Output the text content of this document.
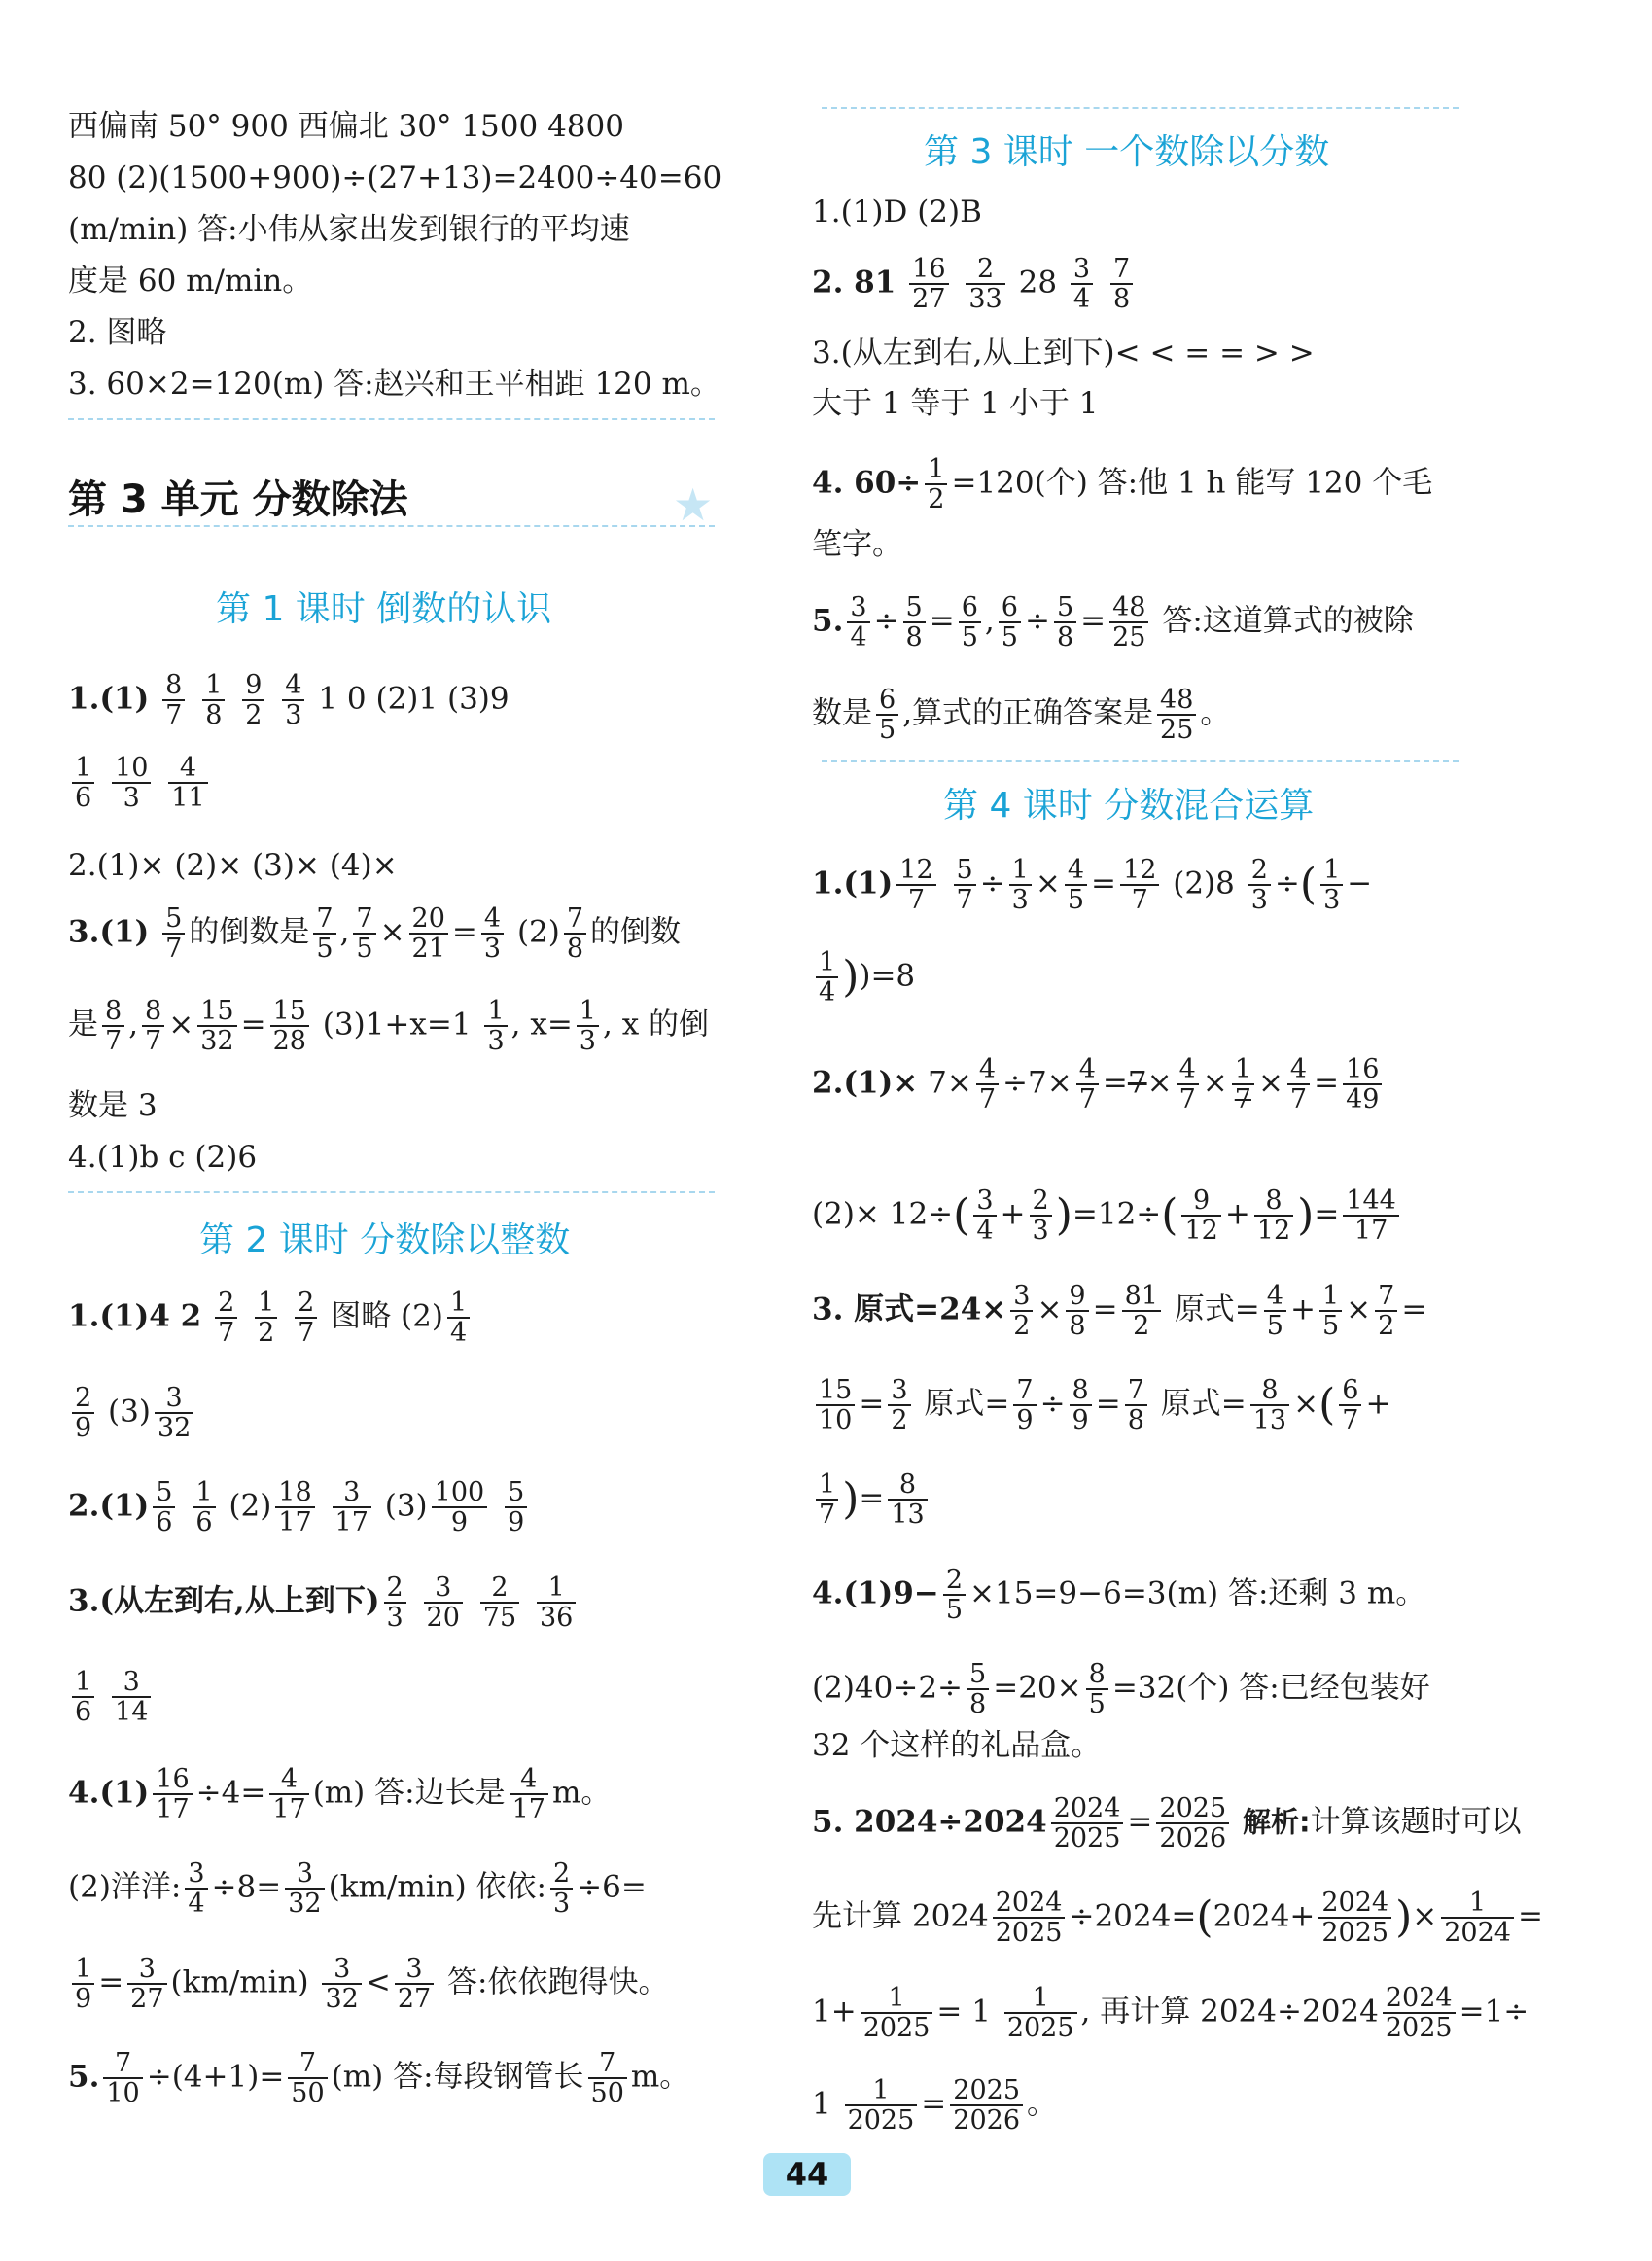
西偏南 50° 900 西偏北 30° 1500 4800
80 (2)(1500+900)÷(27+13)=2400÷40=60
(m/min) 答:小伟从家出发到银行的平均速
度是 60 m/min。
2. 图略
3. 60×2=120(m) 答:赵兴和王平相距 120 m。
第 3 单元 分数除法	★
第 1 课时 倒数的认识
$1.(1) \frac{8}{7}$
$\frac{1}{8}$
$\frac{9}{2}$
$\frac{4}{3} 1$ 0 (2)1 (3)9
$\frac{1}{6}$
$\frac{10}{3}$
$\frac{4}{11}$
2.(1)× (2)× (3)× (4)×
$3.(1) \frac{5}{7}$ 的倒数是 $\frac{7}{5}$ , $\frac{7}{5} \times \frac{20}{21} = \frac{4}{3} (2) \frac{7}{8}$ 的倒数
是 $\frac{8}{7}$ , $\frac{8}{7} \times \frac{15}{32} = \frac{15}{28} (3)1+x=1 \frac{1}{3}$ , $x= \frac{1}{3}$ , x 的倒
数是 3
4.(1)b c (2)6
第 2 课时 分数除以整数
1.(1)4 $2 \frac{2}{7}$
$\frac{1}{2}$
$\frac{2}{7}$ 图略 $(2) \frac{1}{4}$
$\frac{2}{9} (3) \frac{3}{32}$
$2.(1) \frac{5}{6}$
$\frac{1}{6} (2) \frac{18}{17}$
$\frac{3}{17} (3) \frac{100}{9}$
$\frac{5}{9}$
3.(从左到右,从上到下) $\frac{2}{3}$
$\frac{3}{20}$
$\frac{2}{75}$
$\frac{1}{36}$
$\frac{1}{6}$
$\frac{3}{14}$
$4.(1) \frac{16}{17} \div 4= \frac{4}{17} (m)$ 答:边长是 $\frac{4}{17}$ m。
(2)洋洋: $\frac{3}{4} \div 8= \frac{3}{32} (km/\min)$ 依依: $\frac{2}{3} \div 6=$
$\frac{1}{9} = \frac{3}{27} (km/\min) \frac{3}{32} < \frac{3}{27}$ 答:依依跑得快。
5. $\frac{7}{10} \div(4+1)= \frac{7}{50} (m)$ 答:每段钢管长 $\frac{7}{50}$ m。
第 3 课时 一个数除以分数
1.(1)D (2)B
2. $81 \frac{16}{27}$
$\frac{2}{33} 28 \frac{3}{4}$
$\frac{7}{8}$
3.(从左到右,从上到下)< < = = > >
大于 1 等于 1 小于 1
4. $60\div \frac{1}{2} =120$(个) 答:他 1 h 能写 120 个毛
笔字。
5. $\frac{3}{4} \div \frac{5}{8} = \frac{6}{5}$ , $\frac{6}{5} \div \frac{5}{8} = \frac{48}{25}$ 答:这道算式的被除
数是 $\frac{6}{5}$ ,算式的正确答案是 $\frac{48}{25}$ 。
第 4 课时 分数混合运算
$1.(1) \frac{12}{7}$
$\frac{5}{7} \div \frac{1}{3} \times \frac{4}{5} = \frac{12}{7} (2)8 \frac{2}{3}$ ÷( $\frac{1}{3}$ −
$\frac{1}{4} ))=8$
$2.(1)\times 7\times \frac{4}{7} \div 7\times \frac{4}{7} =7\times \frac{4}{7} \times \frac{1}{7} \times \frac{4}{7} = \frac{16}{49}$
$(2)\times 12\div( \frac{3}{4} + \frac{2}{3} )=12\div( \frac{9}{12} + \frac{8}{12}$ )= $\frac{144}{17}$
3. 原式$=24\times \frac{3}{2} \times \frac{9}{8} = \frac{81}{2}$ 原式= $\frac{4}{5} + \frac{1}{5} \times \frac{7}{2}$ =
$\frac{15}{10} = \frac{3}{2}$ 原式= $\frac{7}{9} \div \frac{8}{9} = \frac{7}{8}$ 原式= $\frac{8}{13}$ ×( $\frac{6}{7}$ +
$\frac{1}{7}$ )= $\frac{8}{13}$
$4.(1)9- \frac{2}{5} \times 15=9-6=3(m)$ 答:还剩 3 m。
$(2)40\div 2\div \frac{5}{8} =20\times \frac{8}{5} =32$(个) 答:已经包装好
32 个这样的礼品盒。
5. $2024\div 2024 \frac{2024}{2025} = \frac{2025}{2026}$ 解析:计算该题时可以
先计算 $2024 \frac{2024}{2025} \div 2024=(2024+ \frac{2024}{2025}$ )× $\frac{1}{2024}$ =
$1+ \frac{1}{2025} = 1 \frac{1}{2025}$ , 再计算 $2024\div 2024 \frac{2024}{2025} =1\div$
$1 \frac{1}{2025} = \frac{2025}{2026}$ 。
44
